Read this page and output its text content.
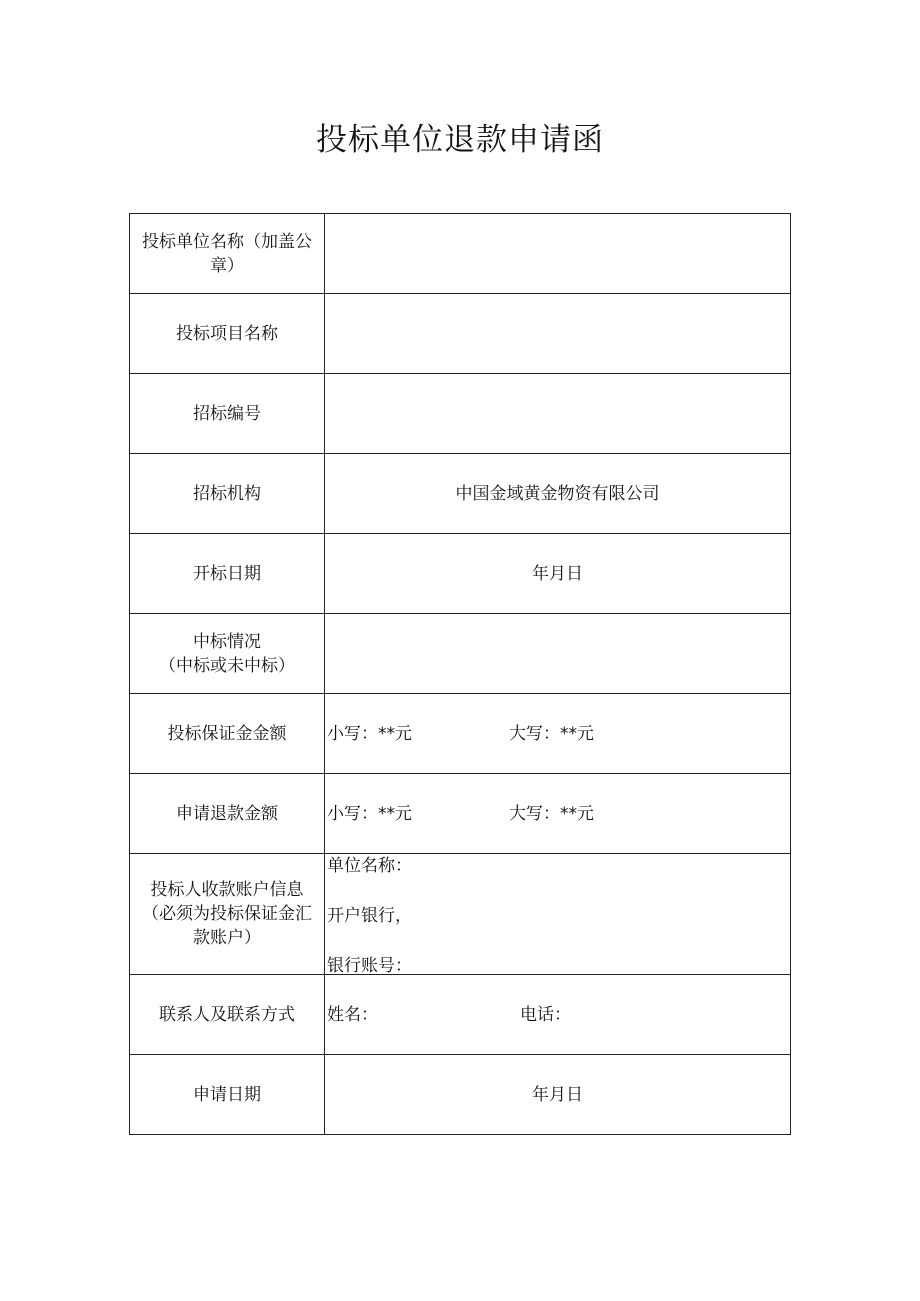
投标单位退款申请函
投标单位名称（加盖公
章）	

投标项目名称	
招标编号	
招标机构	中国金域黄金物资有限公司
开标日期	年月日

中标情况
（中标或未中标）	

投标保证金金额	小写：**元 大写：**元

申请退款金额	小写：**元 大写：**元

投标人收款账户信息
（必须为投标保证金汇
款账户）	单位名称：
开户银行，
银行账号：

联系人及联系方式	姓名： 电话：

申请日期	年月日
